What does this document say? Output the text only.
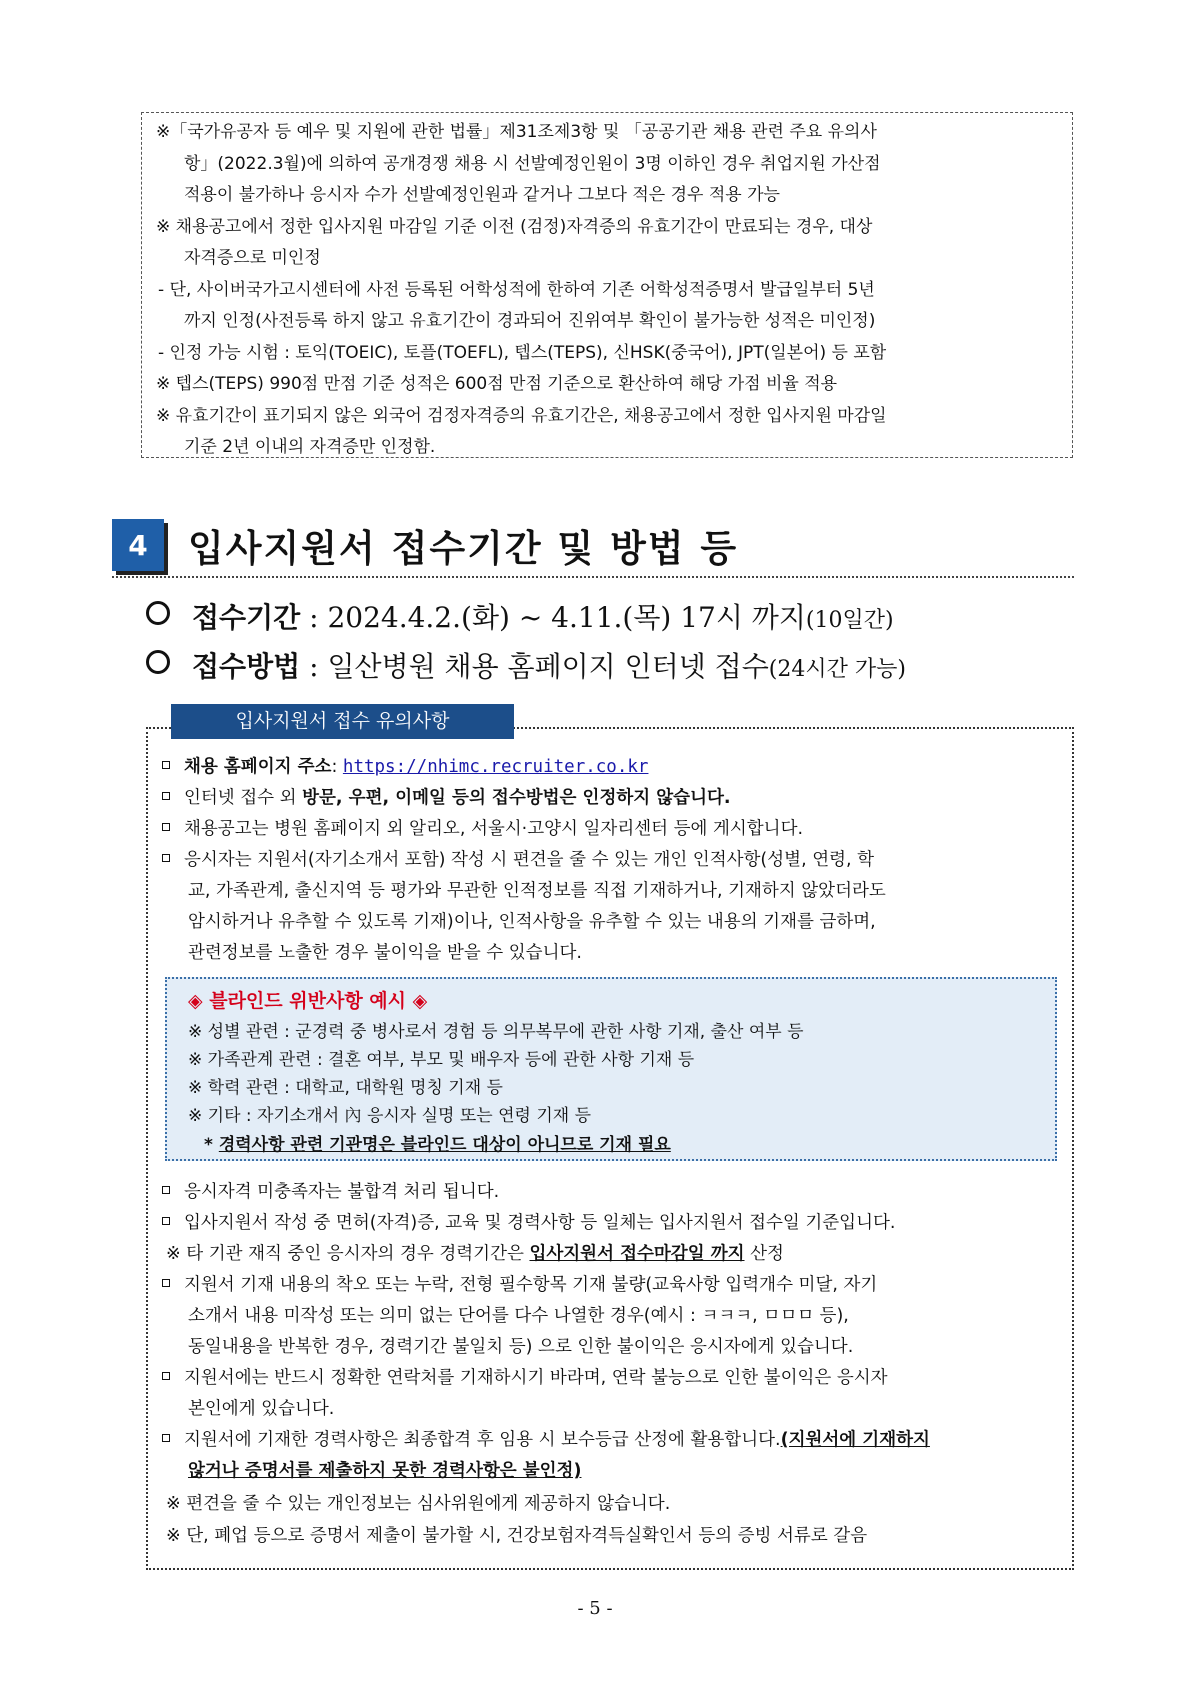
※「국가유공자 등 예우 및 지원에 관한 법률」제31조제3항 및 「공공기관 채용 관련 주요 유의사

항」(2022.3월)에 의하여 공개경쟁 채용 시 선발예정인원이 3명 이하인 경우 취업지원 가산점

적용이 불가하나 응시자 수가 선발예정인원과 같거나 그보다 적은 경우 적용 가능

※ 채용공고에서 정한 입사지원 마감일 기준 이전 (검정)자격증의 유효기간이 만료되는 경우, 대상

자격증으로 미인정

- 단, 사이버국가고시센터에 사전 등록된 어학성적에 한하여 기존 어학성적증명서 발급일부터 5년

까지 인정(사전등록 하지 않고 유효기간이 경과되어 진위여부 확인이 불가능한 성적은 미인정)

- 인정 가능 시험 : 토익(TOEIC), 토플(TOEFL), 텝스(TEPS), 신HSK(중국어), JPT(일본어) 등 포함

※ 텝스(TEPS) 990점 만점 기준 성적은 600점 만점 기준으로 환산하여 해당 가점 비율 적용

※ 유효기간이 표기되지 않은 외국어 검정자격증의 유효기간은, 채용공고에서 정한 입사지원 마감일

기준 2년 이내의 자격증만 인정함.

4	입사지원서 접수기간 및 방법 등
접수기간 : 2024.4.2.(화) ~ 4.11.(목) 17시 까지(10일간)
접수방법 : 일산병원 채용 홈페이지 인터넷 접수(24시간 가능)
입사지원서 접수 유의사항
채용 홈페이지 주소: https://nhimc.recruiter.co.kr
인터넷 접수 외 방문, 우편, 이메일 등의 접수방법은 인정하지 않습니다.
채용공고는 병원 홈페이지 외 알리오, 서울시·고양시 일자리센터 등에 게시합니다.
응시자는 지원서(자기소개서 포함) 작성 시 편견을 줄 수 있는 개인 인적사항(성별, 연령, 학
교, 가족관계, 출신지역 등 평가와 무관한 인적정보를 직접 기재하거나, 기재하지 않았더라도
암시하거나 유추할 수 있도록 기재)이나, 인적사항을 유추할 수 있는 내용의 기재를 금하며,
관련정보를 노출한 경우 불이익을 받을 수 있습니다.
◈ 블라인드 위반사항 예시 ◈
※ 성별 관련 : 군경력 중 병사로서 경험 등 의무복무에 관한 사항 기재, 출산 여부 등
※ 가족관계 관련 : 결혼 여부, 부모 및 배우자 등에 관한 사항 기재 등
※ 학력 관련 : 대학교, 대학원 명칭 기재 등
※ 기타 : 자기소개서 內 응시자 실명 또는 연령 기재 등
* 경력사항 관련 기관명은 블라인드 대상이 아니므로 기재 필요
응시자격 미충족자는 불합격 처리 됩니다.
입사지원서 작성 중 면허(자격)증, 교육 및 경력사항 등 일체는 입사지원서 접수일 기준입니다.
※ 타 기관 재직 중인 응시자의 경우 경력기간은 입사지원서 접수마감일 까지 산정
지원서 기재 내용의 착오 또는 누락, 전형 필수항목 기재 불량(교육사항 입력개수 미달, 자기
소개서 내용 미작성 또는 의미 없는 단어를 다수 나열한 경우(예시 : ㅋㅋㅋ, ㅁㅁㅁ 등),
동일내용을 반복한 경우, 경력기간 불일치 등) 으로 인한 불이익은 응시자에게 있습니다.
지원서에는 반드시 정확한 연락처를 기재하시기 바라며, 연락 불능으로 인한 불이익은 응시자
본인에게 있습니다.
지원서에 기재한 경력사항은 최종합격 후 임용 시 보수등급 산정에 활용합니다.(지원서에 기재하지
않거나 증명서를 제출하지 못한 경력사항은 불인정)
※ 편견을 줄 수 있는 개인정보는 심사위원에게 제공하지 않습니다.
※ 단, 폐업 등으로 증명서 제출이 불가할 시, 건강보험자격득실확인서 등의 증빙 서류로 갈음
- 5 -
